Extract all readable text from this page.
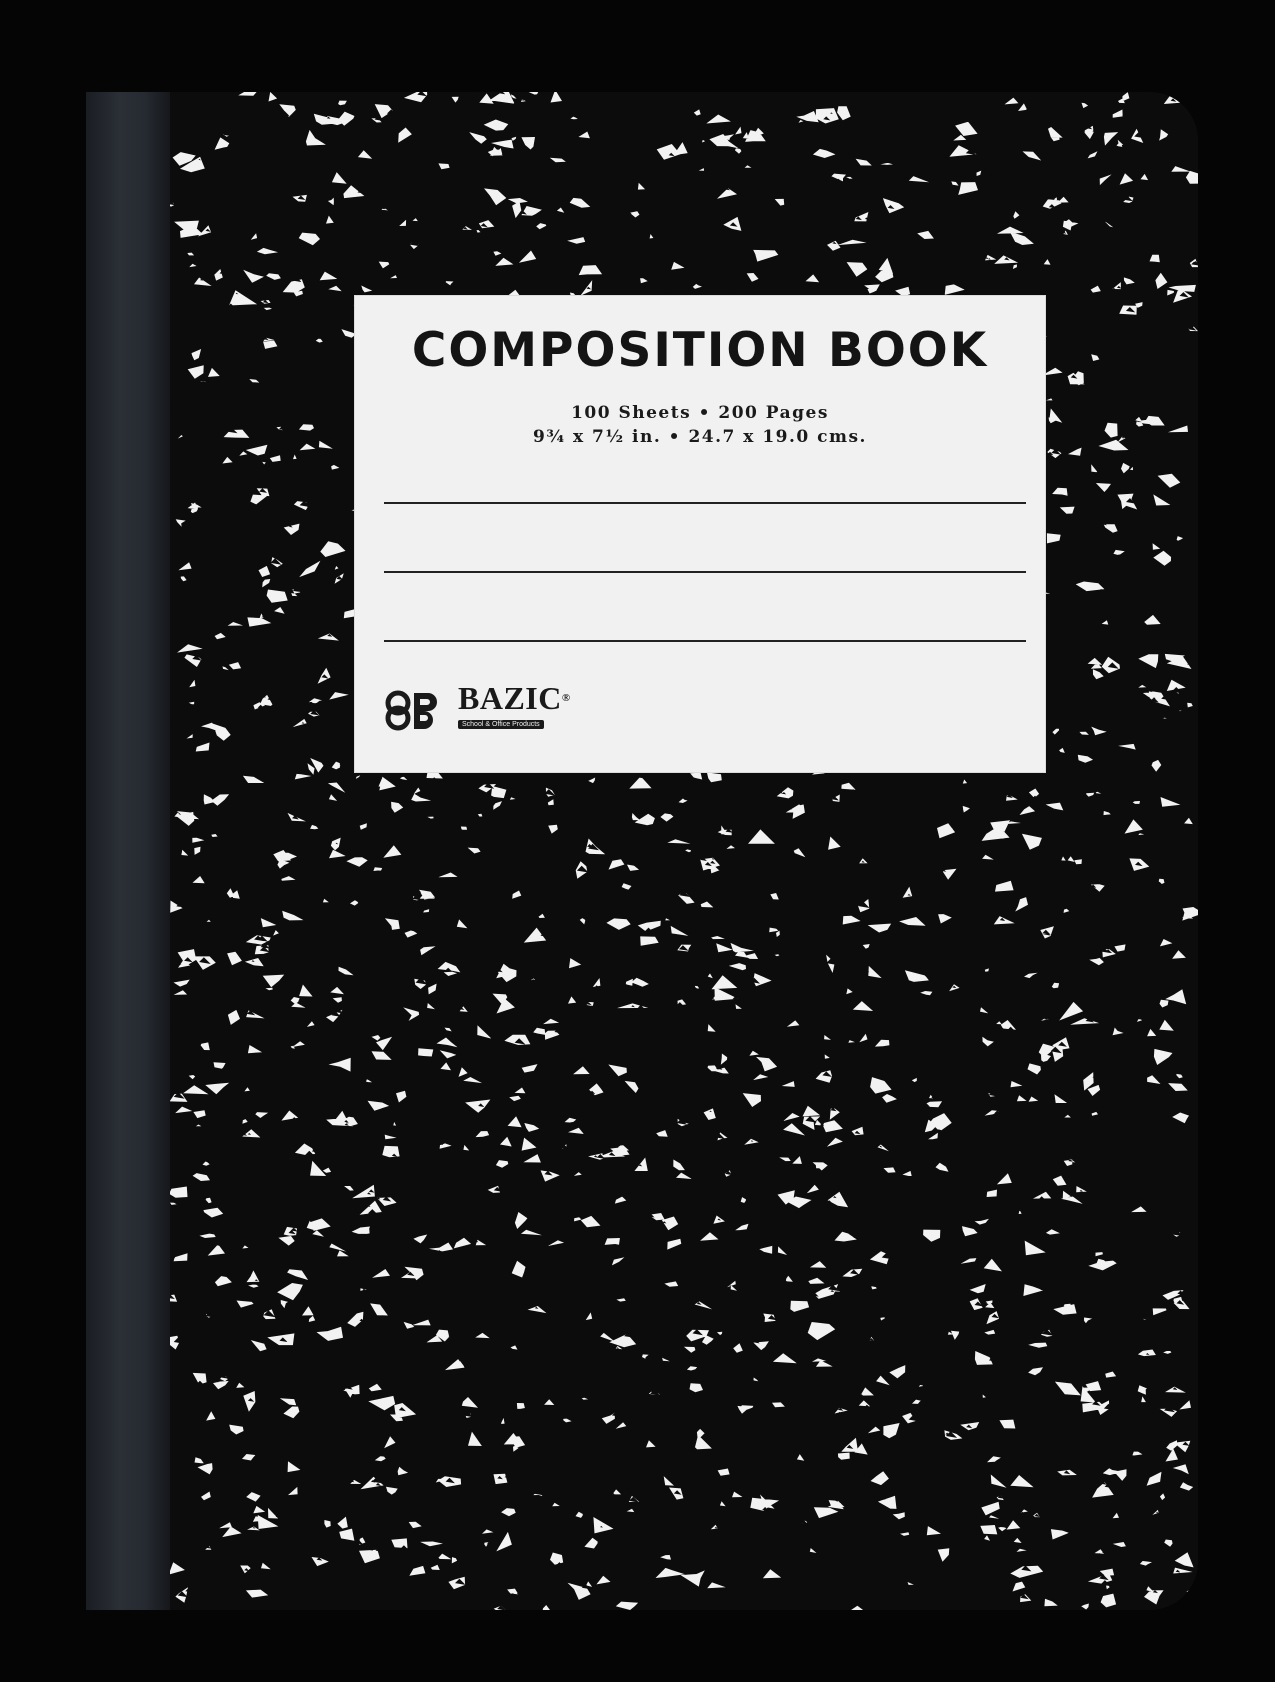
COMPOSITION BOOK
100 Sheets • 200 Pages
9¾ x 7½ in. • 24.7 x 19.0 cms.
BAZIC®
School & Office Products
